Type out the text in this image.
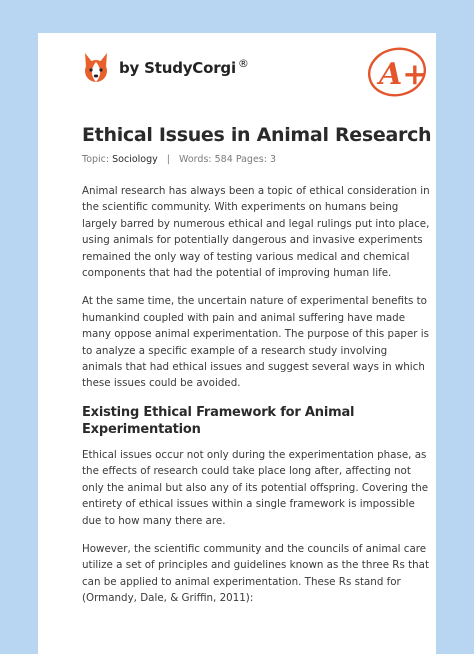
by StudyCorgi ®	A+
Ethical Issues in Animal Research
Topic: Sociology | Words: 584 Pages: 3

Animal research has always been a topic of ethical consideration in the scientific community. With experiments on humans being largely barred by numerous ethical and legal rulings put into place, using animals for potentially dangerous and invasive experiments remained the only way of testing various medical and chemical components that had the potential of improving human life.

At the same time, the uncertain nature of experimental benefits to humankind coupled with pain and animal suffering have made many oppose animal experimentation. The purpose of this paper is to analyze a specific example of a research study involving animals that had ethical issues and suggest several ways in which these issues could be avoided.

Existing Ethical Framework for Animal Experimentation

Ethical issues occur not only during the experimentation phase, as the effects of research could take place long after, affecting not only the animal but also any of its potential offspring. Covering the entirety of ethical issues within a single framework is impossible due to how many there are.

However, the scientific community and the councils of animal care utilize a set of principles and guidelines known as the three Rs that can be applied to animal experimentation. These Rs stand for (Ormandy, Dale, & Griffin, 2011):
